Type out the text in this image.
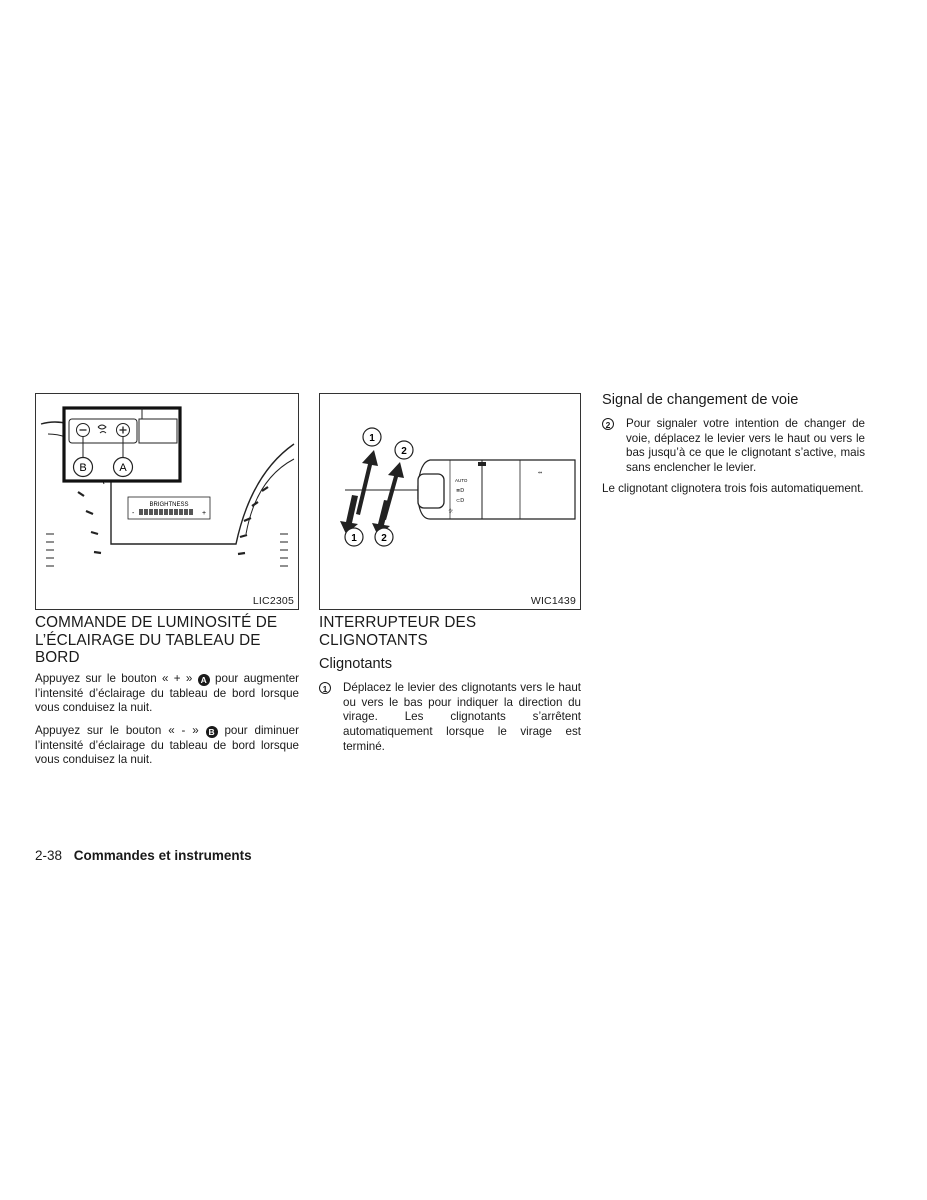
BRIGHTNESS
-	+
B	A
LIC2305
AUTO
≣D
⊂D
☼
⇔
1
2
1 2
WIC1439
COMMANDE DE LUMINOSITÉ DE L’ÉCLAIRAGE DU TABLEAU DE BORD

Appuyez sur le bouton « + » A pour augmenter l’intensité d’éclairage du tableau de bord lorsque vous conduisez la nuit.

Appuyez sur le bouton « - » B pour diminuer l’intensité d’éclairage du tableau de bord lorsque vous conduisez la nuit.

INTERRUPTEUR DES CLIGNOTANTS
Clignotants
1	Déplacez le levier des clignotants vers le haut ou vers le bas pour indiquer la direction du virage. Les clignotants s’arrêtent automatiquement lorsque le virage est terminé.
Signal de changement de voie
2	Pour signaler votre intention de changer de voie, déplacez le levier vers le haut ou vers le bas jusqu’à ce que le clignotant s’active, mais sans enclencher le levier.

Le clignotant clignotera trois fois automatiquement.

2-38 Commandes et instruments
